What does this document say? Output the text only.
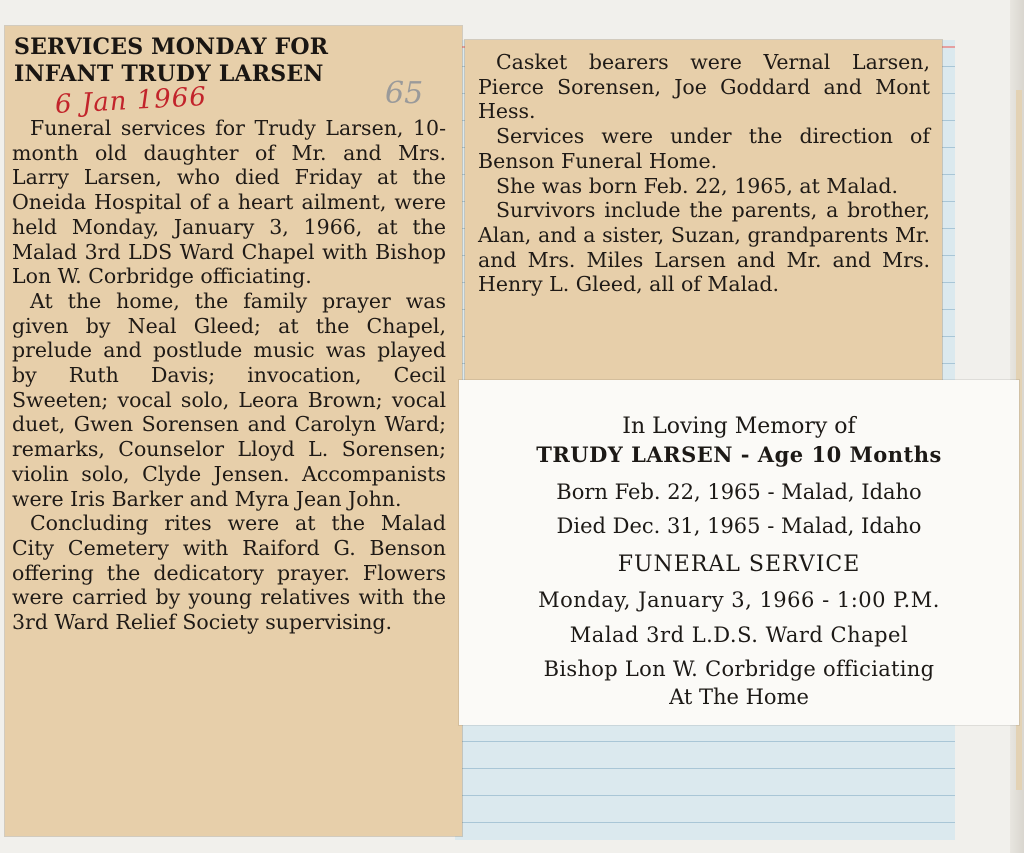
SERVICES MONDAY FOR
INFANT TRUDY LARSEN
6 Jan 1966	65

Funeral services for Trudy Larsen, 10-month old daughter of Mr. and Mrs. Larry Larsen, who died Friday at the Oneida Hospital of a heart ailment, were held Monday, January 3, 1966, at the Malad 3rd LDS Ward Chapel with Bishop Lon W. Corbridge officiating.

At the home, the family prayer was given by Neal Gleed; at the Chapel, prelude and postlude music was played by Ruth Davis; invocation, Cecil Sweeten; vocal solo, Leora Brown; vocal duet, Gwen Sorensen and Carolyn Ward; remarks, Counselor Lloyd L. Sorensen; violin solo, Clyde Jensen. Accompanists were Iris Barker and Myra Jean John.

Concluding rites were at the Malad City Cemetery with Raiford G. Benson offering the dedicatory prayer. Flowers were carried by young relatives with the 3rd Ward Relief Society supervising.

Casket bearers were Vernal Larsen, Pierce Sorensen, Joe Goddard and Mont Hess.

Services were under the direction of Benson Funeral Home.

She was born Feb. 22, 1965, at Malad.

Survivors include the parents, a brother, Alan, and a sister, Suzan, grandparents Mr. and Mrs. Miles Larsen and Mr. and Mrs. Henry L. Gleed, all of Malad.

In Loving Memory of
TRUDY LARSEN - Age 10 Months
Born Feb. 22, 1965 - Malad, Idaho
Died Dec. 31, 1965 - Malad, Idaho
FUNERAL SERVICE
Monday, January 3, 1966 - 1:00 P.M.
Malad 3rd L.D.S. Ward Chapel
Bishop Lon W. Corbridge officiating
At The Home
